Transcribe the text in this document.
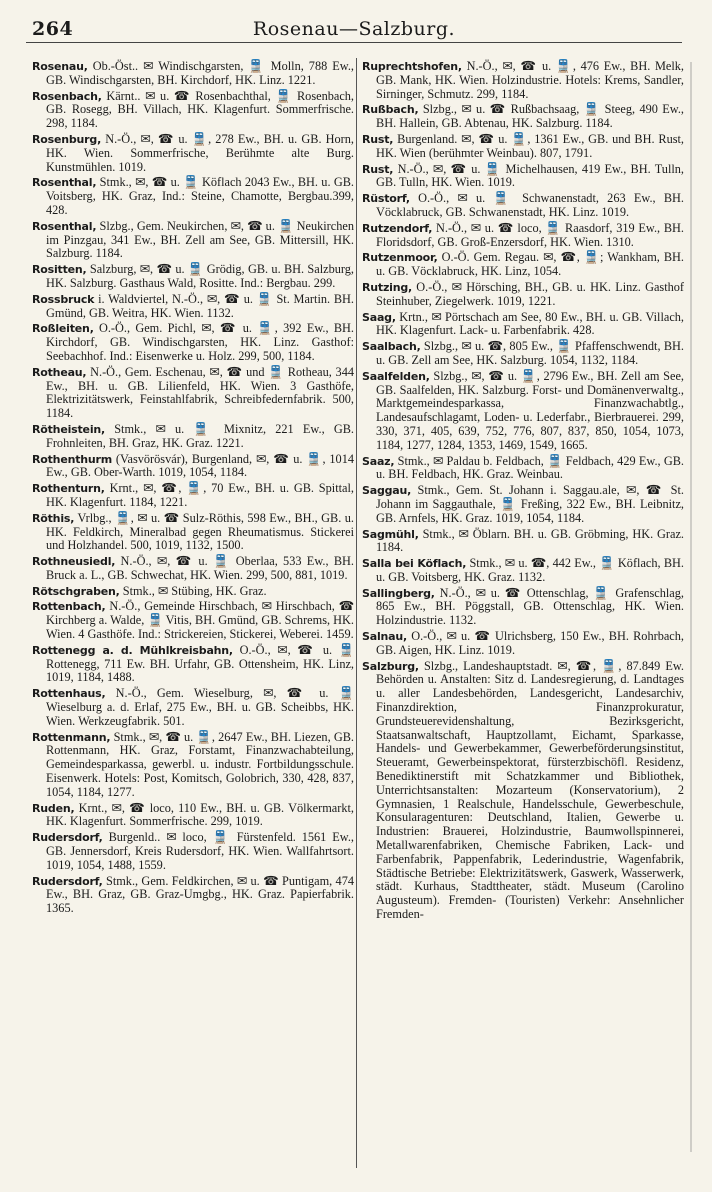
264	Rosenau—Salzburg.

Rosenau, Ob.-Öst.. ✉ Windischgarsten, 🚆 Molln, 788 Ew., GB. Windischgarsten, BH. Kirchdorf, HK. Linz. 1221.

Rosenbach, Kärnt.. ✉ u. ☎ Rosenbachthal, 🚆 Rosenbach, GB. Rosegg, BH. Villach, HK. Klagenfurt. Sommerfrische. 298, 1184.

Rosenburg, N.-Ö., ✉, ☎ u. 🚆, 278 Ew., BH. u. GB. Horn, HK. Wien. Sommerfrische, Berühmte alte Burg. Kunstmühlen. 1019.

Rosenthal, Stmk., ✉, ☎ u. 🚆 Köflach 2043 Ew., BH. u. GB. Voitsberg, HK. Graz, Ind.: Steine, Chamotte, Bergbau.399, 428.

Rosenthal, Slzbg., Gem. Neukirchen, ✉, ☎ u. 🚆 Neukirchen im Pinzgau, 341 Ew., BH. Zell am See, GB. Mittersill, HK. Salzburg. 1184.

Rositten, Salzburg, ✉, ☎ u. 🚆 Grödig, GB. u. BH. Salzburg, HK. Salzburg. Gasthaus Wald, Rositte. Ind.: Bergbau. 299.

Rossbruck i. Waldviertel, N.-Ö., ✉, ☎ u. 🚆 St. Martin. BH. Gmünd, GB. Weitra, HK. Wien. 1132.

Roßleiten, O.-Ö., Gem. Pichl, ✉, ☎ u. 🚆, 392 Ew., BH. Kirchdorf, GB. Windischgarsten, HK. Linz. Gasthof: Seebachhof. Ind.: Eisenwerke u. Holz. 299, 500, 1184.

Rotheau, N.-Ö., Gem. Eschenau, ✉, ☎ und 🚆 Rotheau, 344 Ew., BH. u. GB. Lilienfeld, HK. Wien. 3 Gasthöfe, Elektrizitätswerk, Feinstahlfabrik, Schreibfedernfabrik. 500, 1184.

Rötheistein, Stmk., ✉ u. 🚆 Mixnitz, 221 Ew., GB. Frohnleiten, BH. Graz, HK. Graz. 1221.

Rothenthurm (Vasvörösvár), Burgenland, ✉, ☎ u. 🚆, 1014 Ew., GB. Ober-Warth. 1019, 1054, 1184.

Rothenturn, Krnt., ✉, ☎, 🚆, 70 Ew., BH. u. GB. Spittal, HK. Klagenfurt. 1184, 1221.

Röthis, Vrlbg., 🚆, ✉ u. ☎ Sulz-Röthis, 598 Ew., BH., GB. u. HK. Feldkirch, Mineralbad gegen Rheumatismus. Stickerei und Holzhandel. 500, 1019, 1132, 1500.

Rothneusiedl, N.-Ö., ✉, ☎ u. 🚆 Oberlaa, 533 Ew., BH. Bruck a. L., GB. Schwechat, HK. Wien. 299, 500, 881, 1019.

Rötschgraben, Stmk., ✉ Stübing, HK. Graz.

Rottenbach, N.-Ö., Gemeinde Hirschbach, ✉ Hirschbach, ☎ Kirchberg a. Walde, 🚆 Vitis, BH. Gmünd, GB. Schrems, HK. Wien. 4 Gasthöfe. Ind.: Strickereien, Stickerei, Weberei. 1459.

Rottenegg a. d. Mühlkreisbahn, O.-Ö., ✉, ☎ u. 🚆 Rottenegg, 711 Ew. BH. Urfahr, GB. Ottensheim, HK. Linz, 1019, 1184, 1488.

Rottenhaus, N.-Ö., Gem. Wieselburg, ✉, ☎ u. 🚆 Wieselburg a. d. Erlaf, 275 Ew., BH. u. GB. Scheibbs, HK. Wien. Werkzeugfabrik. 501.

Rottenmann, Stmk., ✉, ☎ u. 🚆, 2647 Ew., BH. Liezen, GB. Rottenmann, HK. Graz, Forstamt, Finanzwachabteilung, Gemeindesparkassa, gewerbl. u. industr. Fortbildungsschule. Eisenwerk. Hotels: Post, Komitsch, Golobrich, 330, 428, 837, 1054, 1184, 1277.

Ruden, Krnt., ✉, ☎ loco, 110 Ew., BH. u. GB. Völkermarkt, HK. Klagenfurt. Sommerfrische. 299, 1019.

Rudersdorf, Burgenld.. ✉ loco, 🚆 Fürstenfeld. 1561 Ew., GB. Jennersdorf, Kreis Rudersdorf, HK. Wien. Wallfahrtsort. 1019, 1054, 1488, 1559.

Rudersdorf, Stmk., Gem. Feldkirchen, ✉ u. ☎ Puntigam, 474 Ew., BH. Graz, GB. Graz-Umgbg., HK. Graz. Papierfabrik. 1365.

Ruprechtshofen, N.-Ö., ✉, ☎ u. 🚆, 476 Ew., BH. Melk, GB. Mank, HK. Wien. Holzindustrie. Hotels: Krems, Sandler, Sirninger, Schmutz. 299, 1184.

Rußbach, Slzbg., ✉ u. ☎ Rußbachsaag, 🚆 Steeg, 490 Ew., BH. Hallein, GB. Abtenau, HK. Salzburg. 1184.

Rust, Burgenland. ✉, ☎ u. 🚆, 1361 Ew., GB. und BH. Rust, HK. Wien (berühmter Weinbau). 807, 1791.

Rust, N.-Ö., ✉, ☎ u. 🚆 Michelhausen, 419 Ew., BH. Tulln, GB. Tulln, HK. Wien. 1019.

Rüstorf, O.-Ö., ✉ u. 🚆 Schwanenstadt, 263 Ew., BH. Vöcklabruck, GB. Schwanenstadt, HK. Linz. 1019.

Rutzendorf, N.-Ö., ✉ u. ☎ loco, 🚆 Raasdorf, 319 Ew., BH. Floridsdorf, GB. Groß-Enzersdorf, HK. Wien. 1310.

Rutzenmoor, O.-Ö. Gem. Regau. ✉, ☎, 🚆; Wankham, BH. u. GB. Vöcklabruck, HK. Linz, 1054.

Rutzing, O.-Ö., ✉ Hörsching, BH., GB. u. HK. Linz. Gasthof Steinhuber, Ziegelwerk. 1019, 1221.

Saag, Krtn., ✉ Pörtschach am See, 80 Ew., BH. u. GB. Villach, HK. Klagenfurt. Lack- u. Farbenfabrik. 428.

Saalbach, Slzbg., ✉ u. ☎, 805 Ew., 🚆 Pfaffenschwendt, BH. u. GB. Zell am See, HK. Salzburg. 1054, 1132, 1184.

Saalfelden, Slzbg., ✉, ☎ u. 🚆, 2796 Ew., BH. Zell am See, GB. Saalfelden, HK. Salzburg. Forst- und Domänenverwaltg., Marktgemeindesparkassa, Finanzwachabtlg., Landesaufschlagamt, Loden- u. Lederfabr., Bierbrauerei. 299, 330, 371, 405, 639, 752, 776, 807, 837, 850, 1054, 1073, 1184, 1277, 1284, 1353, 1469, 1549, 1665.

Saaz, Stmk., ✉ Paldau b. Feldbach, 🚆 Feldbach, 429 Ew., GB. u. BH. Feldbach, HK. Graz. Weinbau.

Saggau, Stmk., Gem. St. Johann i. Saggau.ale, ✉, ☎ St. Johann im Saggauthale, 🚆 Freßing, 322 Ew., BH. Leibnitz, GB. Arnfels, HK. Graz. 1019, 1054, 1184.

Sagmühl, Stmk., ✉ Öblarn. BH. u. GB. Gröbming, HK. Graz. 1184.

Salla bei Köflach, Stmk., ✉ u. ☎, 442 Ew., 🚆 Köflach, BH. u. GB. Voitsberg, HK. Graz. 1132.

Sallingberg, N.-Ö., ✉ u. ☎ Ottenschlag, 🚆 Grafenschlag, 865 Ew., BH. Pöggstall, GB. Ottenschlag, HK. Wien. Holzindustrie. 1132.

Salnau, O.-Ö., ✉ u. ☎ Ulrichsberg, 150 Ew., BH. Rohrbach, GB. Aigen, HK. Linz. 1019.

Salzburg, Slzbg., Landeshauptstadt. ✉, ☎, 🚆, 87.849 Ew. Behörden u. Anstalten: Sitz d. Landesregierung, d. Landtages u. aller Landesbehörden, Landesgericht, Landesarchiv, Finanzdirektion, Finanzprokuratur, Grundsteuerevidenshaltung, Bezirksgericht, Staatsanwaltschaft, Hauptzollamt, Eichamt, Sparkasse, Handels- und Gewerbekammer, Gewerbeförderungsinstitut, Steueramt, Gewerbeinspektorat, fürsterzbischöfl. Residenz, Benediktinerstift mit Schatzkammer und Bibliothek, Unterrichtsanstalten: Mozarteum (Konservatorium), 2 Gymnasien, 1 Realschule, Handelsschule, Gewerbeschule, Konsularagenturen: Deutschland, Italien, Gewerbe u. Industrien: Brauerei, Holzindustrie, Baumwollspinnerei, Metallwarenfabriken, Chemische Fabriken, Lack- und Farbenfabrik, Pappenfabrik, Lederindustrie, Wagenfabrik, Städtische Betriebe: Elektrizitätswerk, Gaswerk, Wasserwerk, städt. Kurhaus, Stadttheater, städt. Museum (Carolino Augusteum). Fremden- (Touristen) Verkehr: Ansehnlicher Fremden-
